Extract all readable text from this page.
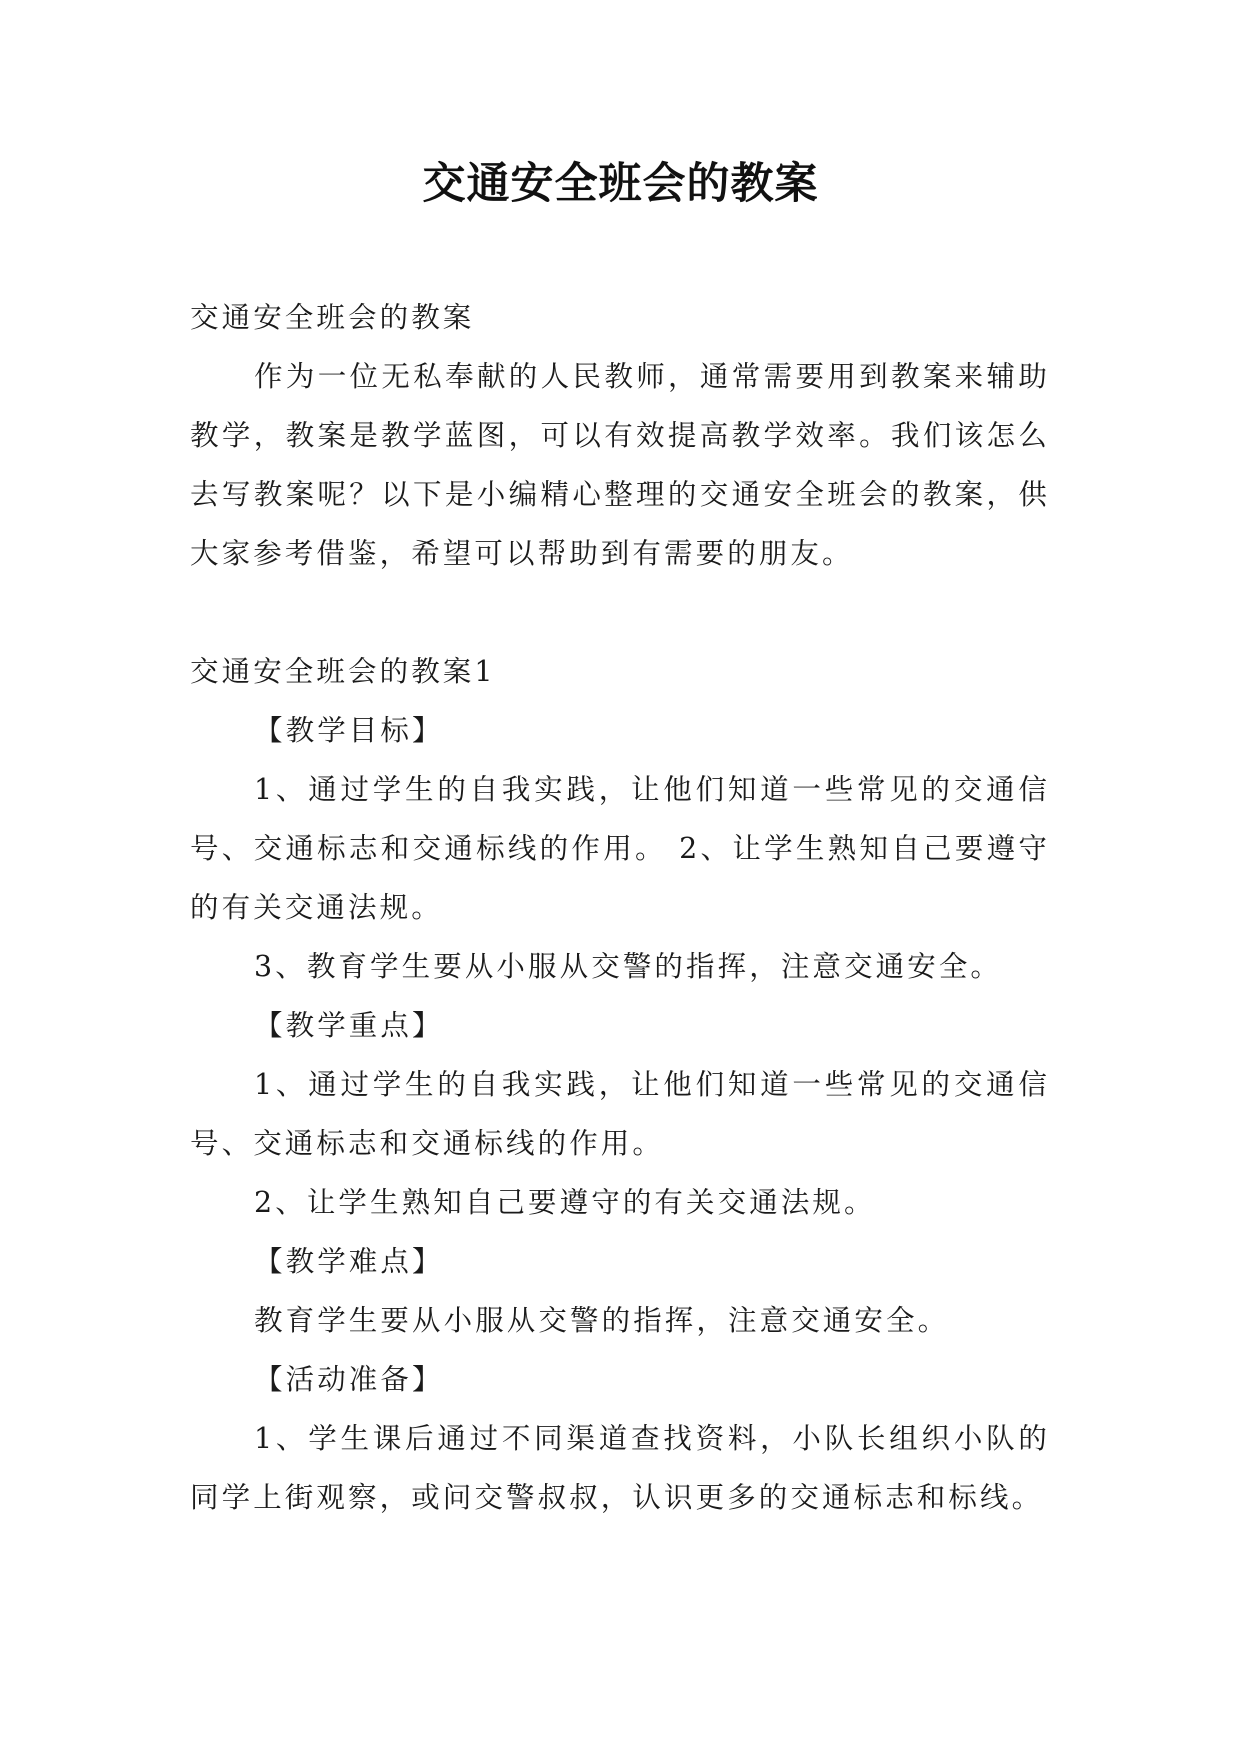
交通安全班会的教案

交通安全班会的教案

作为一位无私奉献的人民教师，通常需要用到教案来辅助教学，教案是教学蓝图，可以有效提高教学效率。我们该怎么去写教案呢？以下是小编精心整理的交通安全班会的教案，供大家参考借鉴，希望可以帮助到有需要的朋友。

交通安全班会的教案1

【教学目标】

1、通过学生的自我实践，让他们知道一些常见的交通信号、交通标志和交通标线的作用。 2、让学生熟知自己要遵守的有关交通法规。

3、教育学生要从小服从交警的指挥，注意交通安全。

【教学重点】

1、通过学生的自我实践，让他们知道一些常见的交通信号、交通标志和交通标线的作用。

2、让学生熟知自己要遵守的有关交通法规。

【教学难点】

教育学生要从小服从交警的指挥，注意交通安全。

【活动准备】

1、学生课后通过不同渠道查找资料，小队长组织小队的同学上街观察，或问交警叔叔，认识更多的交通标志和标线。
